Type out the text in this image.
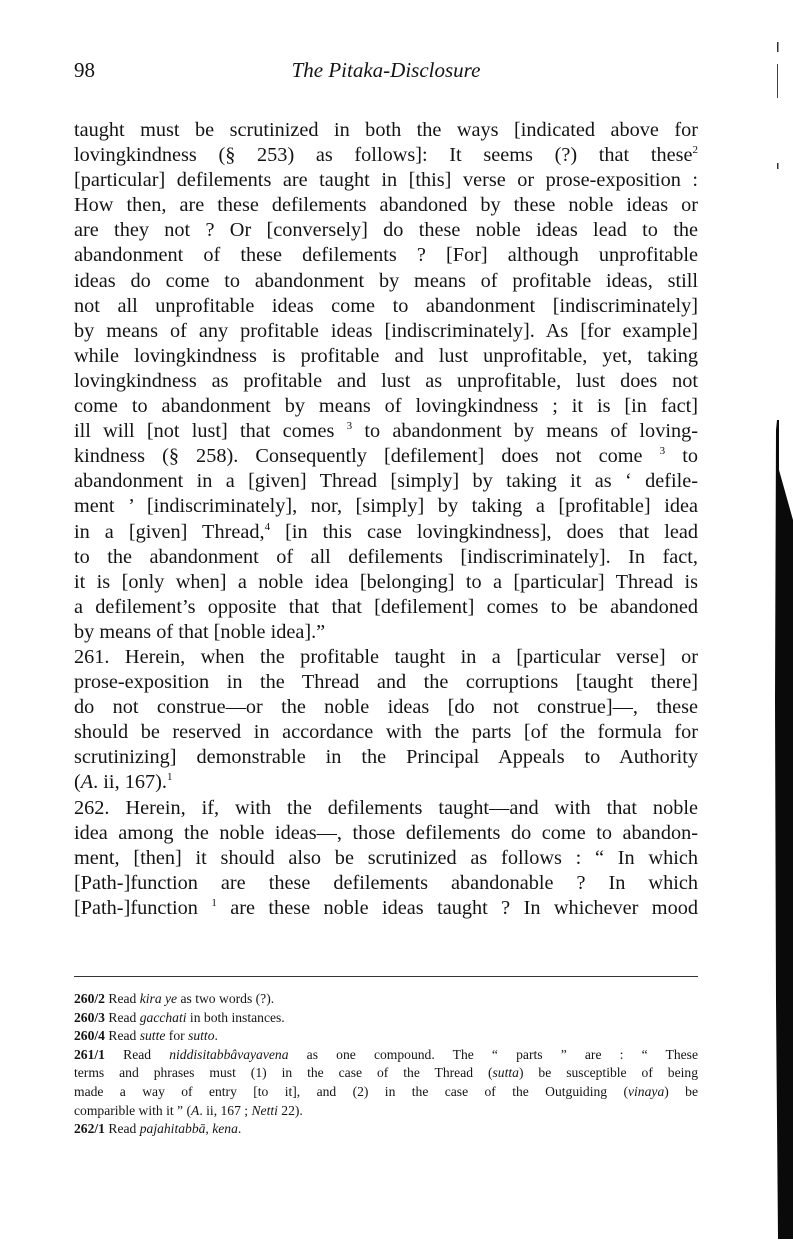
98	The Pitaka-Disclosure
taught must be scrutinized in both the ways [indicated above for
lovingkindness (§ 253) as follows]: It seems (?) that these$^2$
[particular] defilements are taught in [this] verse or prose-exposition :
How then, are these defilements abandoned by these noble ideas or
are they not ? Or [conversely] do these noble ideas lead to the
abandonment of these defilements ? [For] although unprofitable
ideas do come to abandonment by means of profitable ideas, still
not all unprofitable ideas come to abandonment [indiscriminately]
by means of any profitable ideas [indiscriminately]. As [for example]
while lovingkindness is profitable and lust unprofitable, yet, taking
lovingkindness as profitable and lust as unprofitable, lust does not
come to abandonment by means of lovingkindness ; it is [in fact]
ill will [not lust] that comes $^3$ to abandonment by means of loving-
kindness (§ 258). Consequently [defilement] does not come $^3$ to
abandonment in a [given] Thread [simply] by taking it as ‘ defile-
ment ’ [indiscriminately], nor, [simply] by taking a [profitable] idea
in a [given] Thread,$^4$ [in this case lovingkindness], does that lead
to the abandonment of all defilements [indiscriminately]. In fact,
it is [only when] a noble idea [belonging] to a [particular] Thread is
a defilement’s opposite that that [defilement] comes to be abandoned
by means of that [noble idea].”
261. Herein, when the profitable taught in a [particular verse] or
prose-exposition in the Thread and the corruptions [taught there]
do not construe—or the noble ideas [do not construe]—, these
should be reserved in accordance with the parts [of the formula for
scrutinizing] demonstrable in the Principal Appeals to Authority
(A. ii, 167).$^1$
262. Herein, if, with the defilements taught—and with that noble
idea among the noble ideas—, those defilements do come to abandon-
ment, [then] it should also be scrutinized as follows : “ In which
[Path-]function are these defilements abandonable ? In which
[Path-]function $^1$ are these noble ideas taught ? In whichever mood
260/2 Read kira ye as two words (?).
260/3 Read gacchati in both instances.
260/4 Read sutte for sutto.
261/1 Read niddisitabbâvayavena as one compound. The “ parts ” are : “ These
terms and phrases must (1) in the case of the Thread (sutta) be susceptible of being
made a way of entry [to it], and (2) in the case of the Outguiding (vinaya) be
comparible with it ” (A. ii, 167 ; Netti 22).
262/1 Read pajahitabbā, kena.
